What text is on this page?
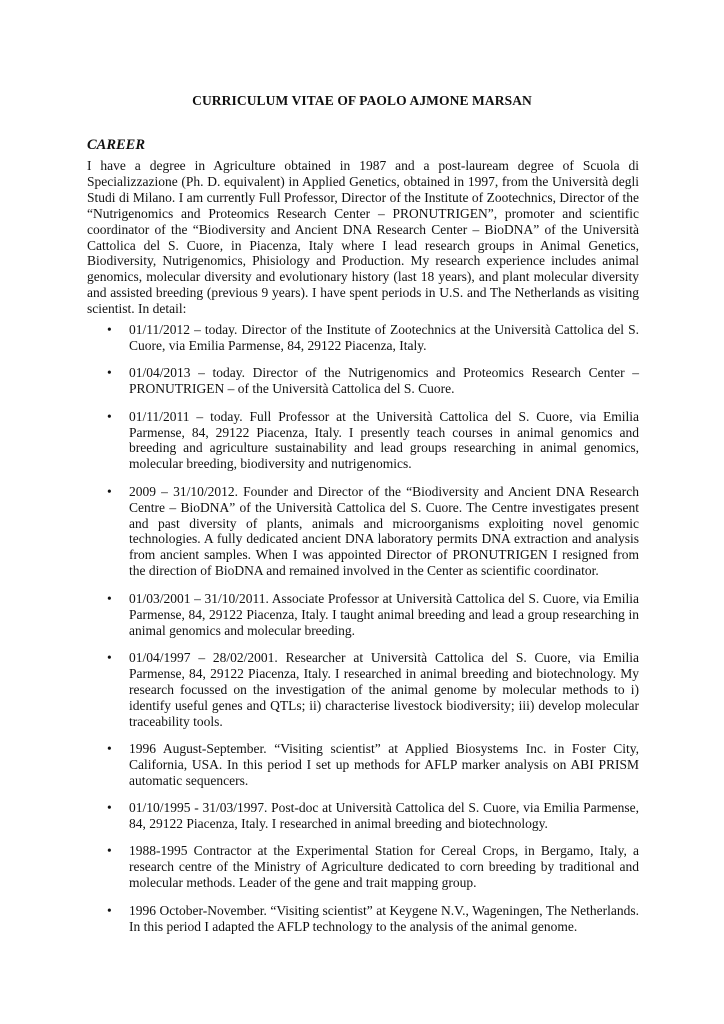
CURRICULUM VITAE OF PAOLO AJMONE MARSAN
CAREER

I have a degree in Agriculture obtained in 1987 and a post-lauream degree of Scuola di Specializzazione (Ph. D. equivalent) in Applied Genetics, obtained in 1997, from the Università degli Studi di Milano. I am currently Full Professor, Director of the Institute of Zootechnics, Director of the “Nutrigenomics and Proteomics Research Center – PRONUTRIGEN”, promoter and scientific coordinator of the “Biodiversity and Ancient DNA Research Center – BioDNA” of the Università Cattolica del S. Cuore, in Piacenza, Italy where I lead research groups in Animal Genetics, Biodiversity, Nutrigenomics, Phisiology and Production. My research experience includes animal genomics, molecular diversity and evolutionary history (last 18 years), and plant molecular diversity and assisted breeding (previous 9 years). I have spent periods in U.S. and The Netherlands as visiting scientist. In detail:

• 01/11/2012 – today. Director of the Institute of Zootechnics at the Università Cattolica del S. Cuore, via Emilia Parmense, 84, 29122 Piacenza, Italy.
• 01/04/2013 – today. Director of the Nutrigenomics and Proteomics Research Center – PRONUTRIGEN – of the Università Cattolica del S. Cuore.
• 01/11/2011 – today. Full Professor at the Università Cattolica del S. Cuore, via Emilia Parmense, 84, 29122 Piacenza, Italy. I presently teach courses in animal genomics and breeding and agriculture sustainability and lead groups researching in animal genomics, molecular breeding, biodiversity and nutrigenomics.
• 2009 – 31/10/2012. Founder and Director of the “Biodiversity and Ancient DNA Research Centre – BioDNA” of the Università Cattolica del S. Cuore. The Centre investigates present and past diversity of plants, animals and microorganisms exploiting novel genomic technologies. A fully dedicated ancient DNA laboratory permits DNA extraction and analysis from ancient samples. When I was appointed Director of PRONUTRIGEN I resigned from the direction of BioDNA and remained involved in the Center as scientific coordinator.
• 01/03/2001 – 31/10/2011. Associate Professor at Università Cattolica del S. Cuore, via Emilia Parmense, 84, 29122 Piacenza, Italy. I taught animal breeding and lead a group researching in animal genomics and molecular breeding.
• 01/04/1997 – 28/02/2001. Researcher at Università Cattolica del S. Cuore, via Emilia Parmense, 84, 29122 Piacenza, Italy. I researched in animal breeding and biotechnology. My research focussed on the investigation of the animal genome by molecular methods to i) identify useful genes and QTLs; ii) characterise livestock biodiversity; iii) develop molecular traceability tools.
• 1996 August-September. “Visiting scientist” at Applied Biosystems Inc. in Foster City, California, USA. In this period I set up methods for AFLP marker analysis on ABI PRISM automatic sequencers.
• 01/10/1995 - 31/03/1997. Post-doc at Università Cattolica del S. Cuore, via Emilia Parmense, 84, 29122 Piacenza, Italy. I researched in animal breeding and biotechnology.
• 1988-1995 Contractor at the Experimental Station for Cereal Crops, in Bergamo, Italy, a research centre of the Ministry of Agriculture dedicated to corn breeding by traditional and molecular methods. Leader of the gene and trait mapping group.
• 1996 October-November. “Visiting scientist” at Keygene N.V., Wageningen, The Netherlands. In this period I adapted the AFLP technology to the analysis of the animal genome.
